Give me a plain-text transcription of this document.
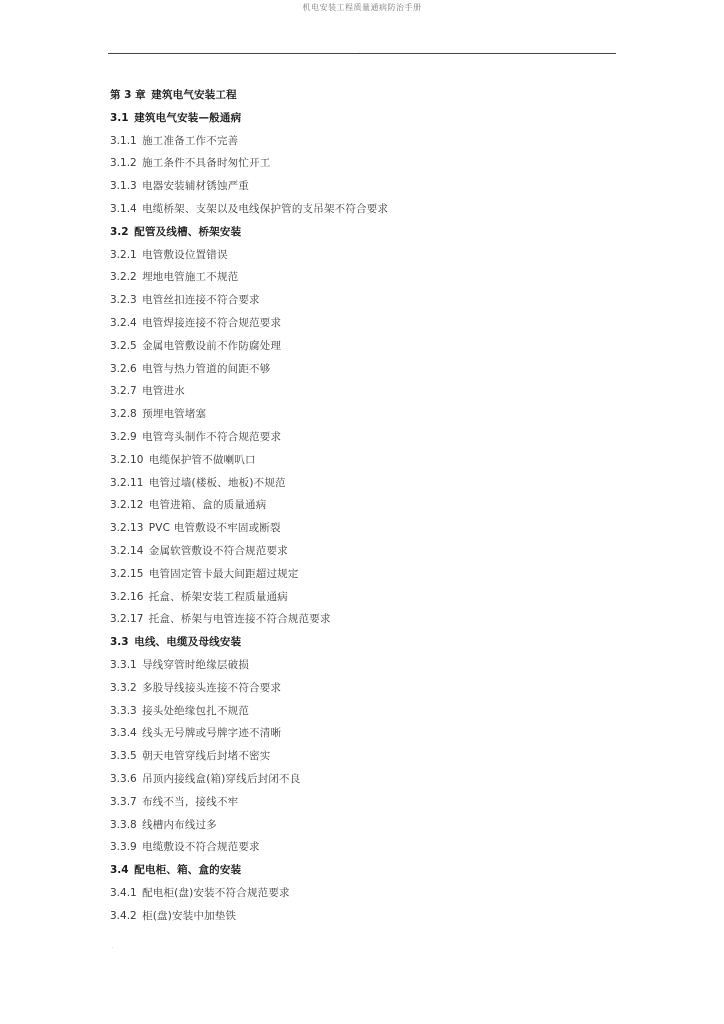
机电安装工程质量通病防治手册
.
第 3 章 建筑电气安装工程
3.1 建筑电气安装—般通病
3.1.1 施工准备工作不完善
3.1.2 施工条件不具备时匆忙开工
3.1.3 电器安装辅材锈蚀严重
3.1.4 电缆桥架、支架以及电线保护管的支吊架不符合要求
3.2 配管及线槽、桥架安装
3.2.1 电管敷设位置错误
3.2.2 埋地电管施工不规范
3.2.3 电管丝扣连接不符合要求
3.2.4 电管焊接连接不符合规范要求
3.2.5 金属电管敷设前不作防腐处理
3.2.6 电管与热力管道的间距不够
3.2.7 电管进水
3.2.8 预埋电管堵塞
3.2.9 电管弯头制作不符合规范要求
3.2.10 电缆保护管不做喇叭口
3.2.11 电管过墙(楼板、地板)不规范
3.2.12 电管进箱、盒的质量通病
3.2.13 PVC 电管敷设不牢固或断裂
3.2.14 金属软管敷设不符合规范要求
3.2.15 电管固定管卡最大间距超过规定
3.2.16 托盒、桥架安装工程质量通病
3.2.17 托盒、桥架与电管连接不符合规范要求
3.3 电线、电缆及母线安装
3.3.1 导线穿管时绝缘层破损
3.3.2 多股导线接头连接不符合要求
3.3.3 接头处绝缘包扎不规范
3.3.4 线头无号牌或号牌字迹不清晰
3.3.5 朝天电管穿线后封堵不密实
3.3.6 吊顶内接线盒(箱)穿线后封闭不良
3.3.7 布线不当，接线不牢
3.3.8 线槽内布线过多
3.3.9 电缆敷设不符合规范要求
3.4 配电柜、箱、盒的安装
3.4.1 配电柜(盘)安装不符合规范要求
3.4.2 柜(盘)安装中加垫铁
.
